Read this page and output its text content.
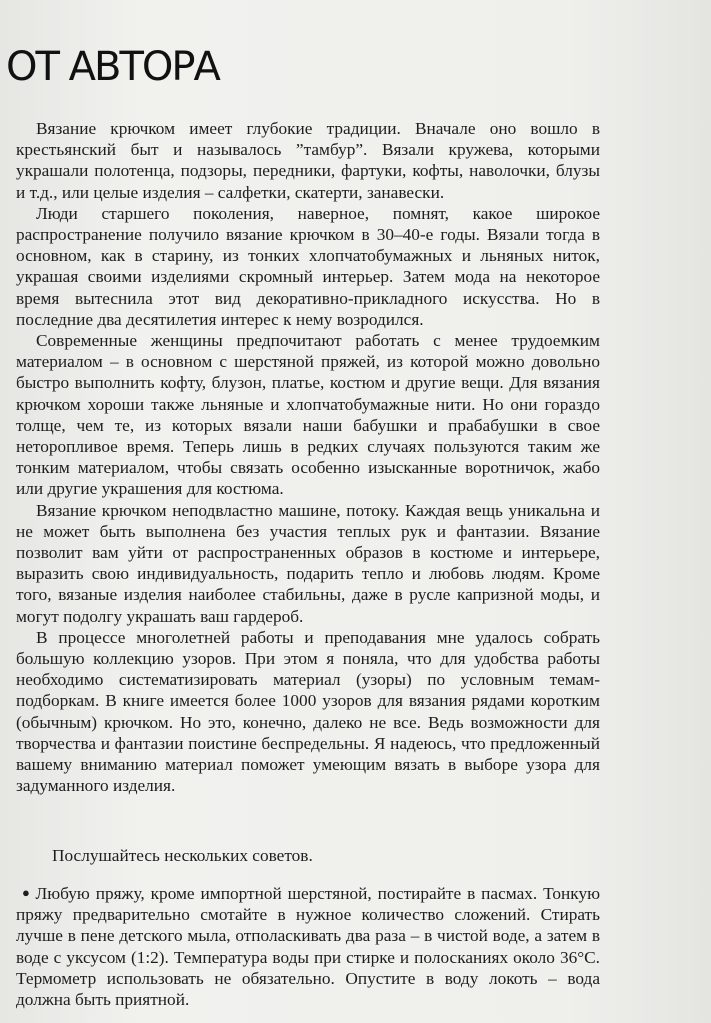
ОТ АВТОРА

Вязание крючком имеет глубокие традиции. Вначале оно вошло в крестьянский быт и называлось ”тамбур”. Вязали кружева, которыми украшали полотенца, подзоры, передники, фартуки, кофты, наволочки, блузы и т.д., или целые изделия – салфетки, скатерти, занавески.

Люди старшего поколения, наверное, помнят, какое широкое распространение получило вязание крючком в 30–40-е годы. Вязали тогда в основном, как в старину, из тонких хлопчатобумажных и льняных ниток, украшая своими изделиями скромный интерьер. Затем мода на некоторое время вытеснила этот вид декоративно-прикладного искусства. Но в последние два десятилетия интерес к нему возродился.

Современные женщины предпочитают работать с менее трудоемким материалом – в основном с шерстяной пряжей, из которой можно довольно быстро выполнить кофту, блузон, платье, костюм и другие вещи. Для вязания крючком хороши также льняные и хлопчатобумажные нити. Но они гораздо толще, чем те, из которых вязали наши бабушки и прабабушки в свое неторопливое время. Теперь лишь в редких случаях пользуются таким же тонким материалом, чтобы связать особенно изысканные воротничок, жабо или другие украшения для костюма.

Вязание крючком неподвластно машине, потоку. Каждая вещь уникальна и не может быть выполнена без участия теплых рук и фантазии. Вязание позволит вам уйти от распространенных образов в костюме и интерьере, выразить свою индивидуальность, подарить тепло и любовь людям. Кроме того, вязаные изделия наиболее стабильны, даже в русле капризной моды, и могут подолгу украшать ваш гардероб.

В процессе многолетней работы и преподавания мне удалось собрать большую коллекцию узоров. При этом я поняла, что для удобства работы необходимо систематизировать материал (узоры) по условным темам-подборкам. В книге имеется более 1000 узоров для вязания рядами коротким (обычным) крючком. Но это, конечно, далеко не все. Ведь возможности для творчества и фантазии поистине беспредельны. Я надеюсь, что предложенный вашему вниманию материал поможет умеющим вязать в выборе узора для задуманного изделия.

Послушайтесь нескольких советов.

● Любую пряжу, кроме импортной шерстяной, постирайте в пасмах. Тонкую пряжу предварительно смотайте в нужное количество сложений. Стирать лучше в пене детского мыла, отполаскивать два раза – в чистой воде, а затем в воде с уксусом (1:2). Температура воды при стирке и полосканиях около 36°С. Термометр использовать не обязательно. Опустите в воду локоть – вода должна быть приятной.
